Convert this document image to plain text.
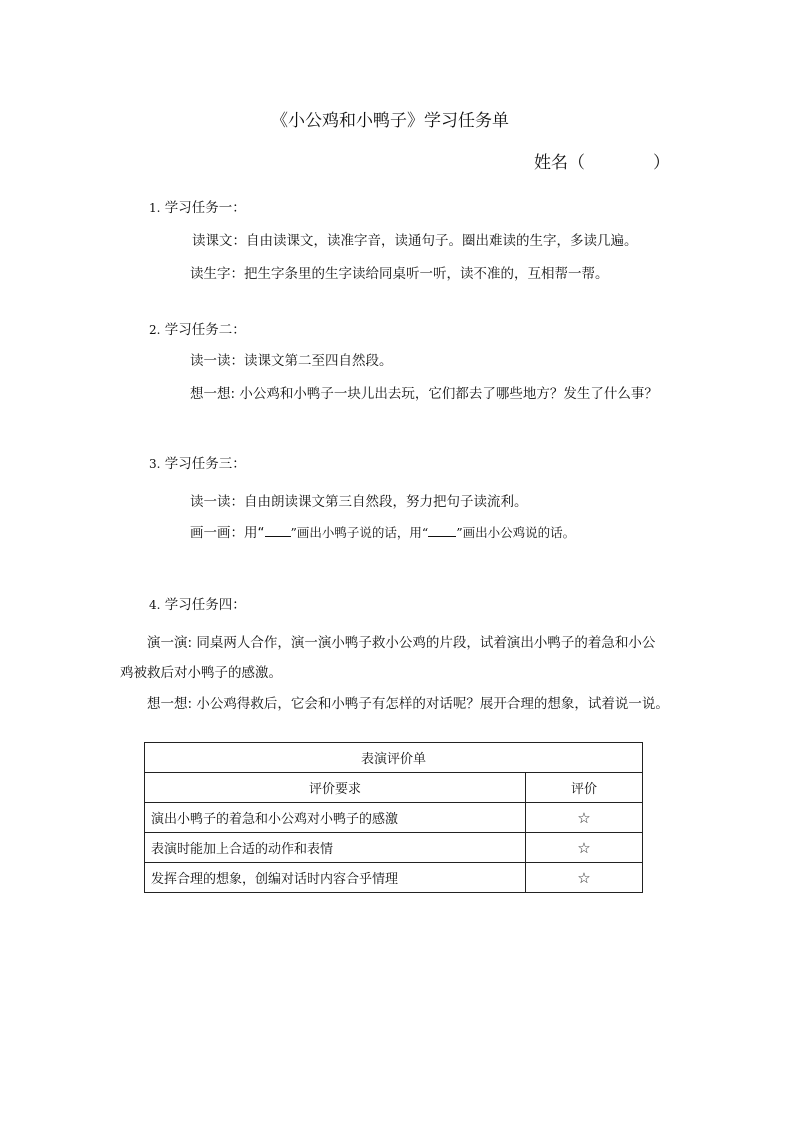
《小公鸡和小鸭子》学习任务单
姓名（　　　　）
1. 学习任务一：
读课文：自由读课文，读准字音，读通句子。圈出难读的生字，多读几遍。
读生字：把生字条里的生字读给同桌听一听，读不准的，互相帮一帮。
2. 学习任务二：
读一读：读课文第二至四自然段。
想一想: 小公鸡和小鸭子一块儿出去玩，它们都去了哪些地方？发生了什么事？
3. 学习任务三：
读一读：自由朗读课文第三自然段，努力把句子读流利。
画一画：用“ ”画出小鸭子说的话，用“ ”画出小公鸡说的话。
4. 学习任务四：
演一演: 同桌两人合作，演一演小鸭子救小公鸡的片段，试着演出小鸭子的着急和小公
鸡被救后对小鸭子的感激。
想一想: 小公鸡得救后，它会和小鸭子有怎样的对话呢？展开合理的想象，试着说一说。
表演评价单	
评价要求	评价
演出小鸭子的着急和小公鸡对小鸭子的感激	☆
表演时能加上合适的动作和表情	☆
发挥合理的想象，创编对话时内容合乎情理	☆
